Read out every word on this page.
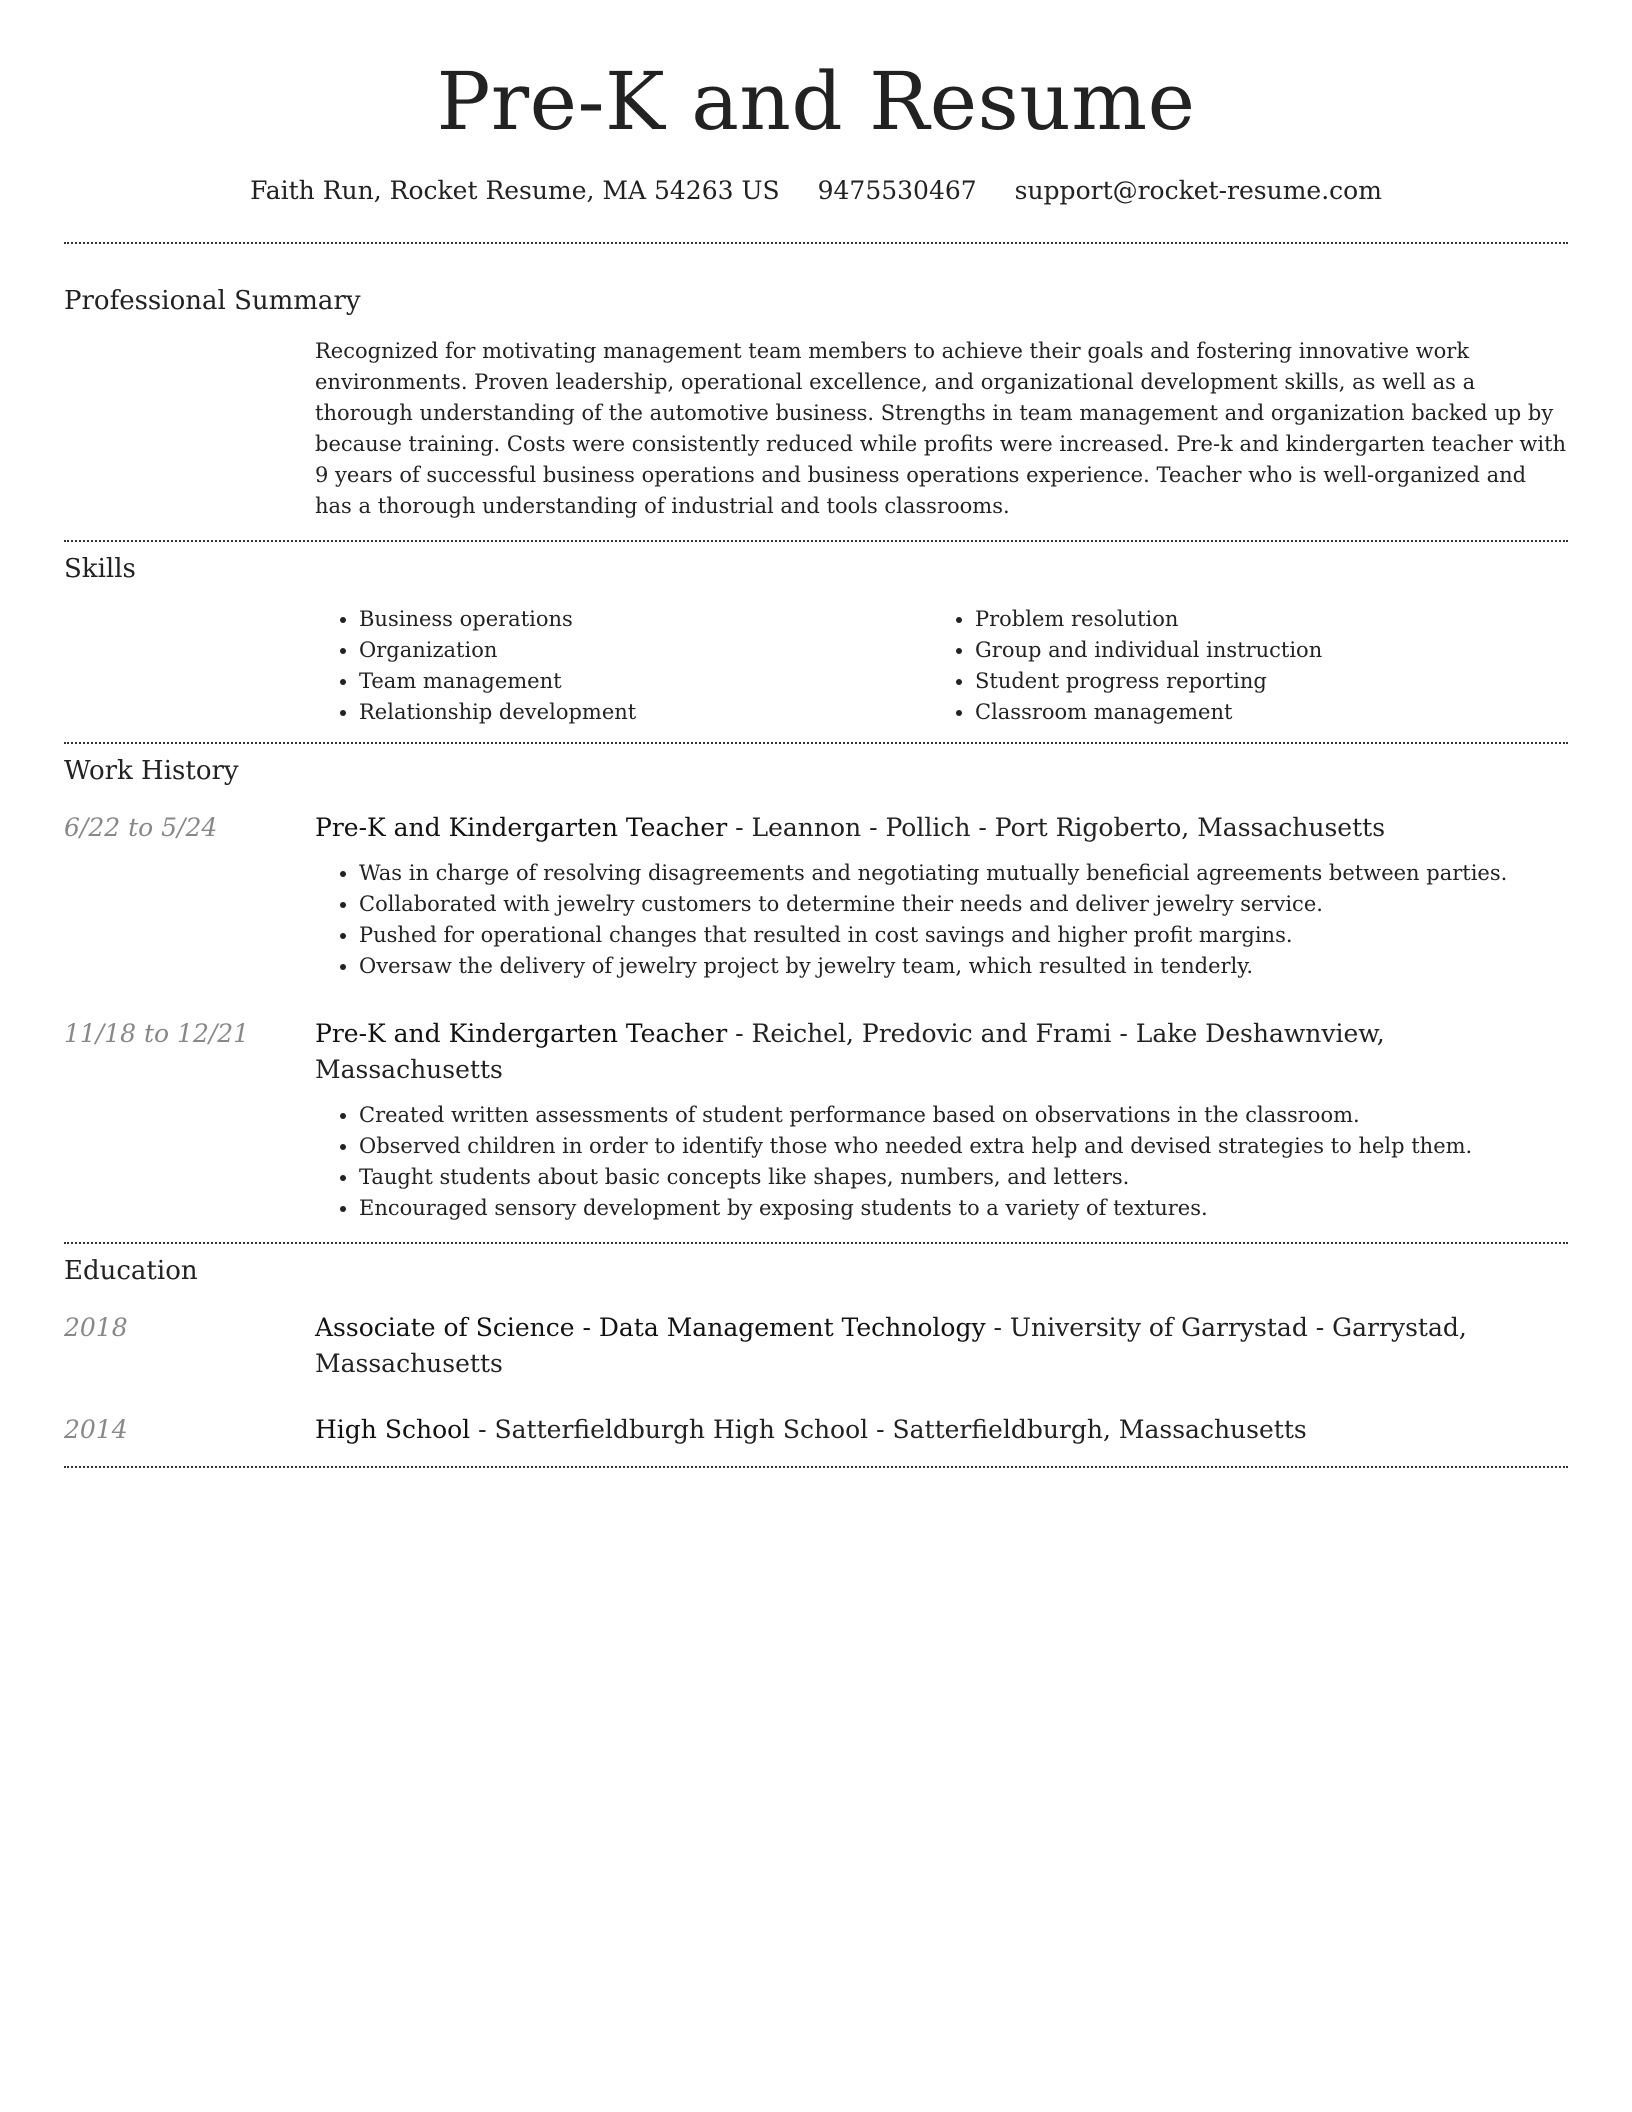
Pre-K and Resume
Faith Run, Rocket Resume, MA 54263 US 9475530467 support@rocket-resume.com
Professional Summary
Recognized for motivating management team members to achieve their goals and fostering innovative work environments. Proven leadership, operational excellence, and organizational development skills, as well as a thorough understanding of the automotive business. Strengths in team management and organization backed up by because training. Costs were consistently reduced while profits were increased. Pre-k and kindergarten teacher with 9 years of successful business operations and business operations experience. Teacher who is well-organized and has a thorough understanding of industrial and tools classrooms.
Skills
• Business operations
• Organization
• Team management
• Relationship development
• Problem resolution
• Group and individual instruction
• Student progress reporting
• Classroom management
Work History
6/22 to 5/24	Pre-K and Kindergarten Teacher - Leannon - Pollich - Port Rigoberto, Massachusetts
• Was in charge of resolving disagreements and negotiating mutually beneficial agreements between parties.
• Collaborated with jewelry customers to determine their needs and deliver jewelry service.
• Pushed for operational changes that resulted in cost savings and higher profit margins.
• Oversaw the delivery of jewelry project by jewelry team, which resulted in tenderly.
11/18 to 12/21	Pre-K and Kindergarten Teacher - Reichel, Predovic and Frami - Lake Deshawnview, Massachusetts
• Created written assessments of student performance based on observations in the classroom.
• Observed children in order to identify those who needed extra help and devised strategies to help them.
• Taught students about basic concepts like shapes, numbers, and letters.
• Encouraged sensory development by exposing students to a variety of textures.
Education
2018	Associate of Science - Data Management Technology - University of Garrystad - Garrystad, Massachusetts
2014	High School - Satterfieldburgh High School - Satterfieldburgh, Massachusetts
